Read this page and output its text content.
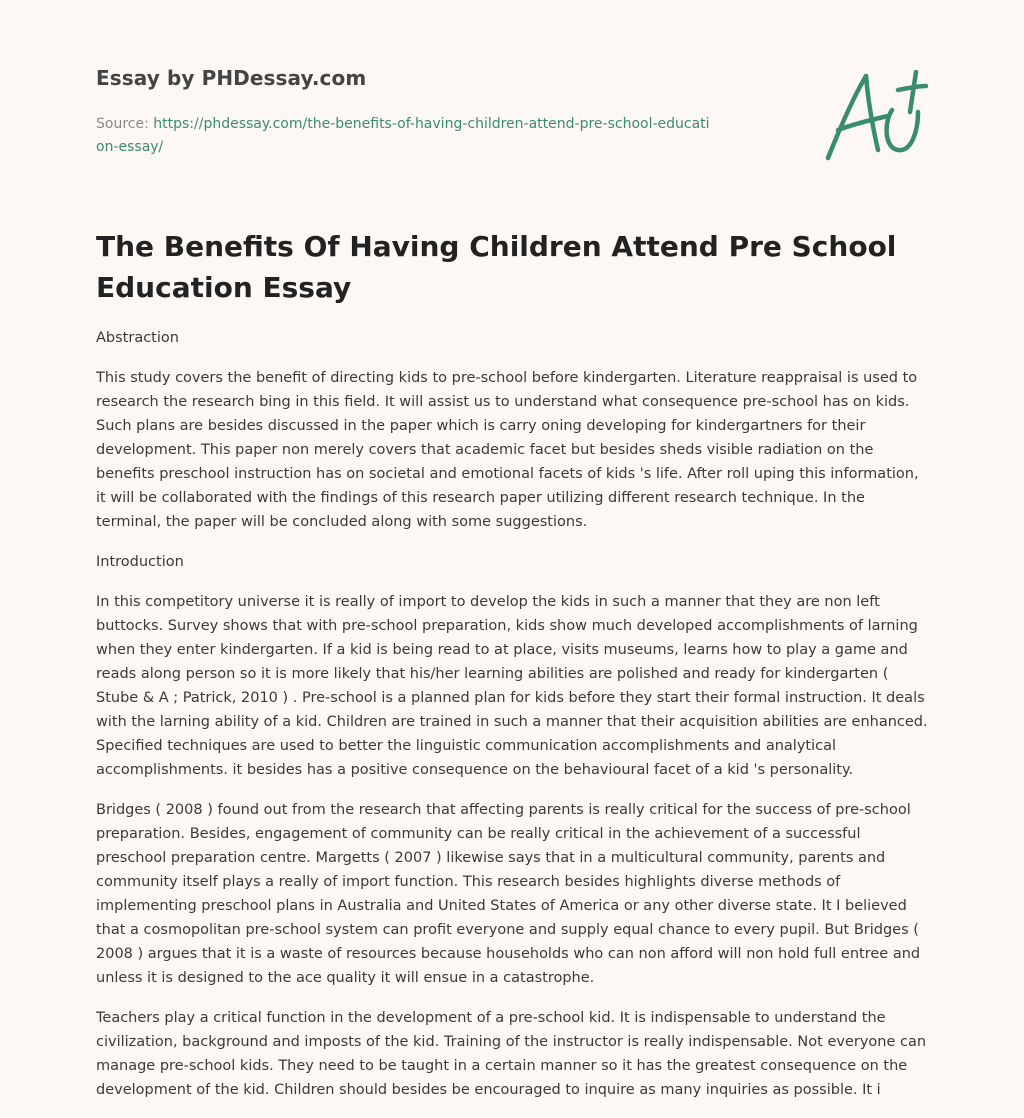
Essay by PHDessay.com

Source: https://phdessay.com/the-benefits-of-having-children-attend-pre-school-education-essay/

The Benefits Of Having Children Attend Pre School Education Essay

Abstraction

This study covers the benefit of directing kids to pre-school before kindergarten. Literature reappraisal is used to research the research bing in this field. It will assist us to understand what consequence pre-school has on kids. Such plans are besides discussed in the paper which is carry oning developing for kindergartners for their development. This paper non merely covers that academic facet but besides sheds visible radiation on the benefits preschool instruction has on societal and emotional facets of kids 's life. After roll uping this information, it will be collaborated with the findings of this research paper utilizing different research technique. In the terminal, the paper will be concluded along with some suggestions.

Introduction

In this competitory universe it is really of import to develop the kids in such a manner that they are non left buttocks. Survey shows that with pre-school preparation, kids show much developed accomplishments of larning when they enter kindergarten. If a kid is being read to at place, visits museums, learns how to play a game and reads along person so it is more likely that his/her learning abilities are polished and ready for kindergarten ( Stube & A ; Patrick, 2010 ) . Pre-school is a planned plan for kids before they start their formal instruction. It deals with the larning ability of a kid. Children are trained in such a manner that their acquisition abilities are enhanced. Specified techniques are used to better the linguistic communication accomplishments and analytical accomplishments. it besides has a positive consequence on the behavioural facet of a kid 's personality.

Bridges ( 2008 ) found out from the research that affecting parents is really critical for the success of pre-school preparation. Besides, engagement of community can be really critical in the achievement of a successful preschool preparation centre. Margetts ( 2007 ) likewise says that in a multicultural community, parents and community itself plays a really of import function. This research besides highlights diverse methods of implementing preschool plans in Australia and United States of America or any other diverse state. It I believed that a cosmopolitan pre-school system can profit everyone and supply equal chance to every pupil. But Bridges ( 2008 ) argues that it is a waste of resources because households who can non afford will non hold full entree and unless it is designed to the ace quality it will ensue in a catastrophe.

Teachers play a critical function in the development of a pre-school kid. It is indispensable to understand the civilization, background and imposts of the kid. Training of the instructor is really indispensable. Not everyone can manage pre-school kids. They need to be taught in a certain manner so it has the greatest consequence on the development of the kid. Children should besides be encouraged to inquire as many inquiries as possible. It i
